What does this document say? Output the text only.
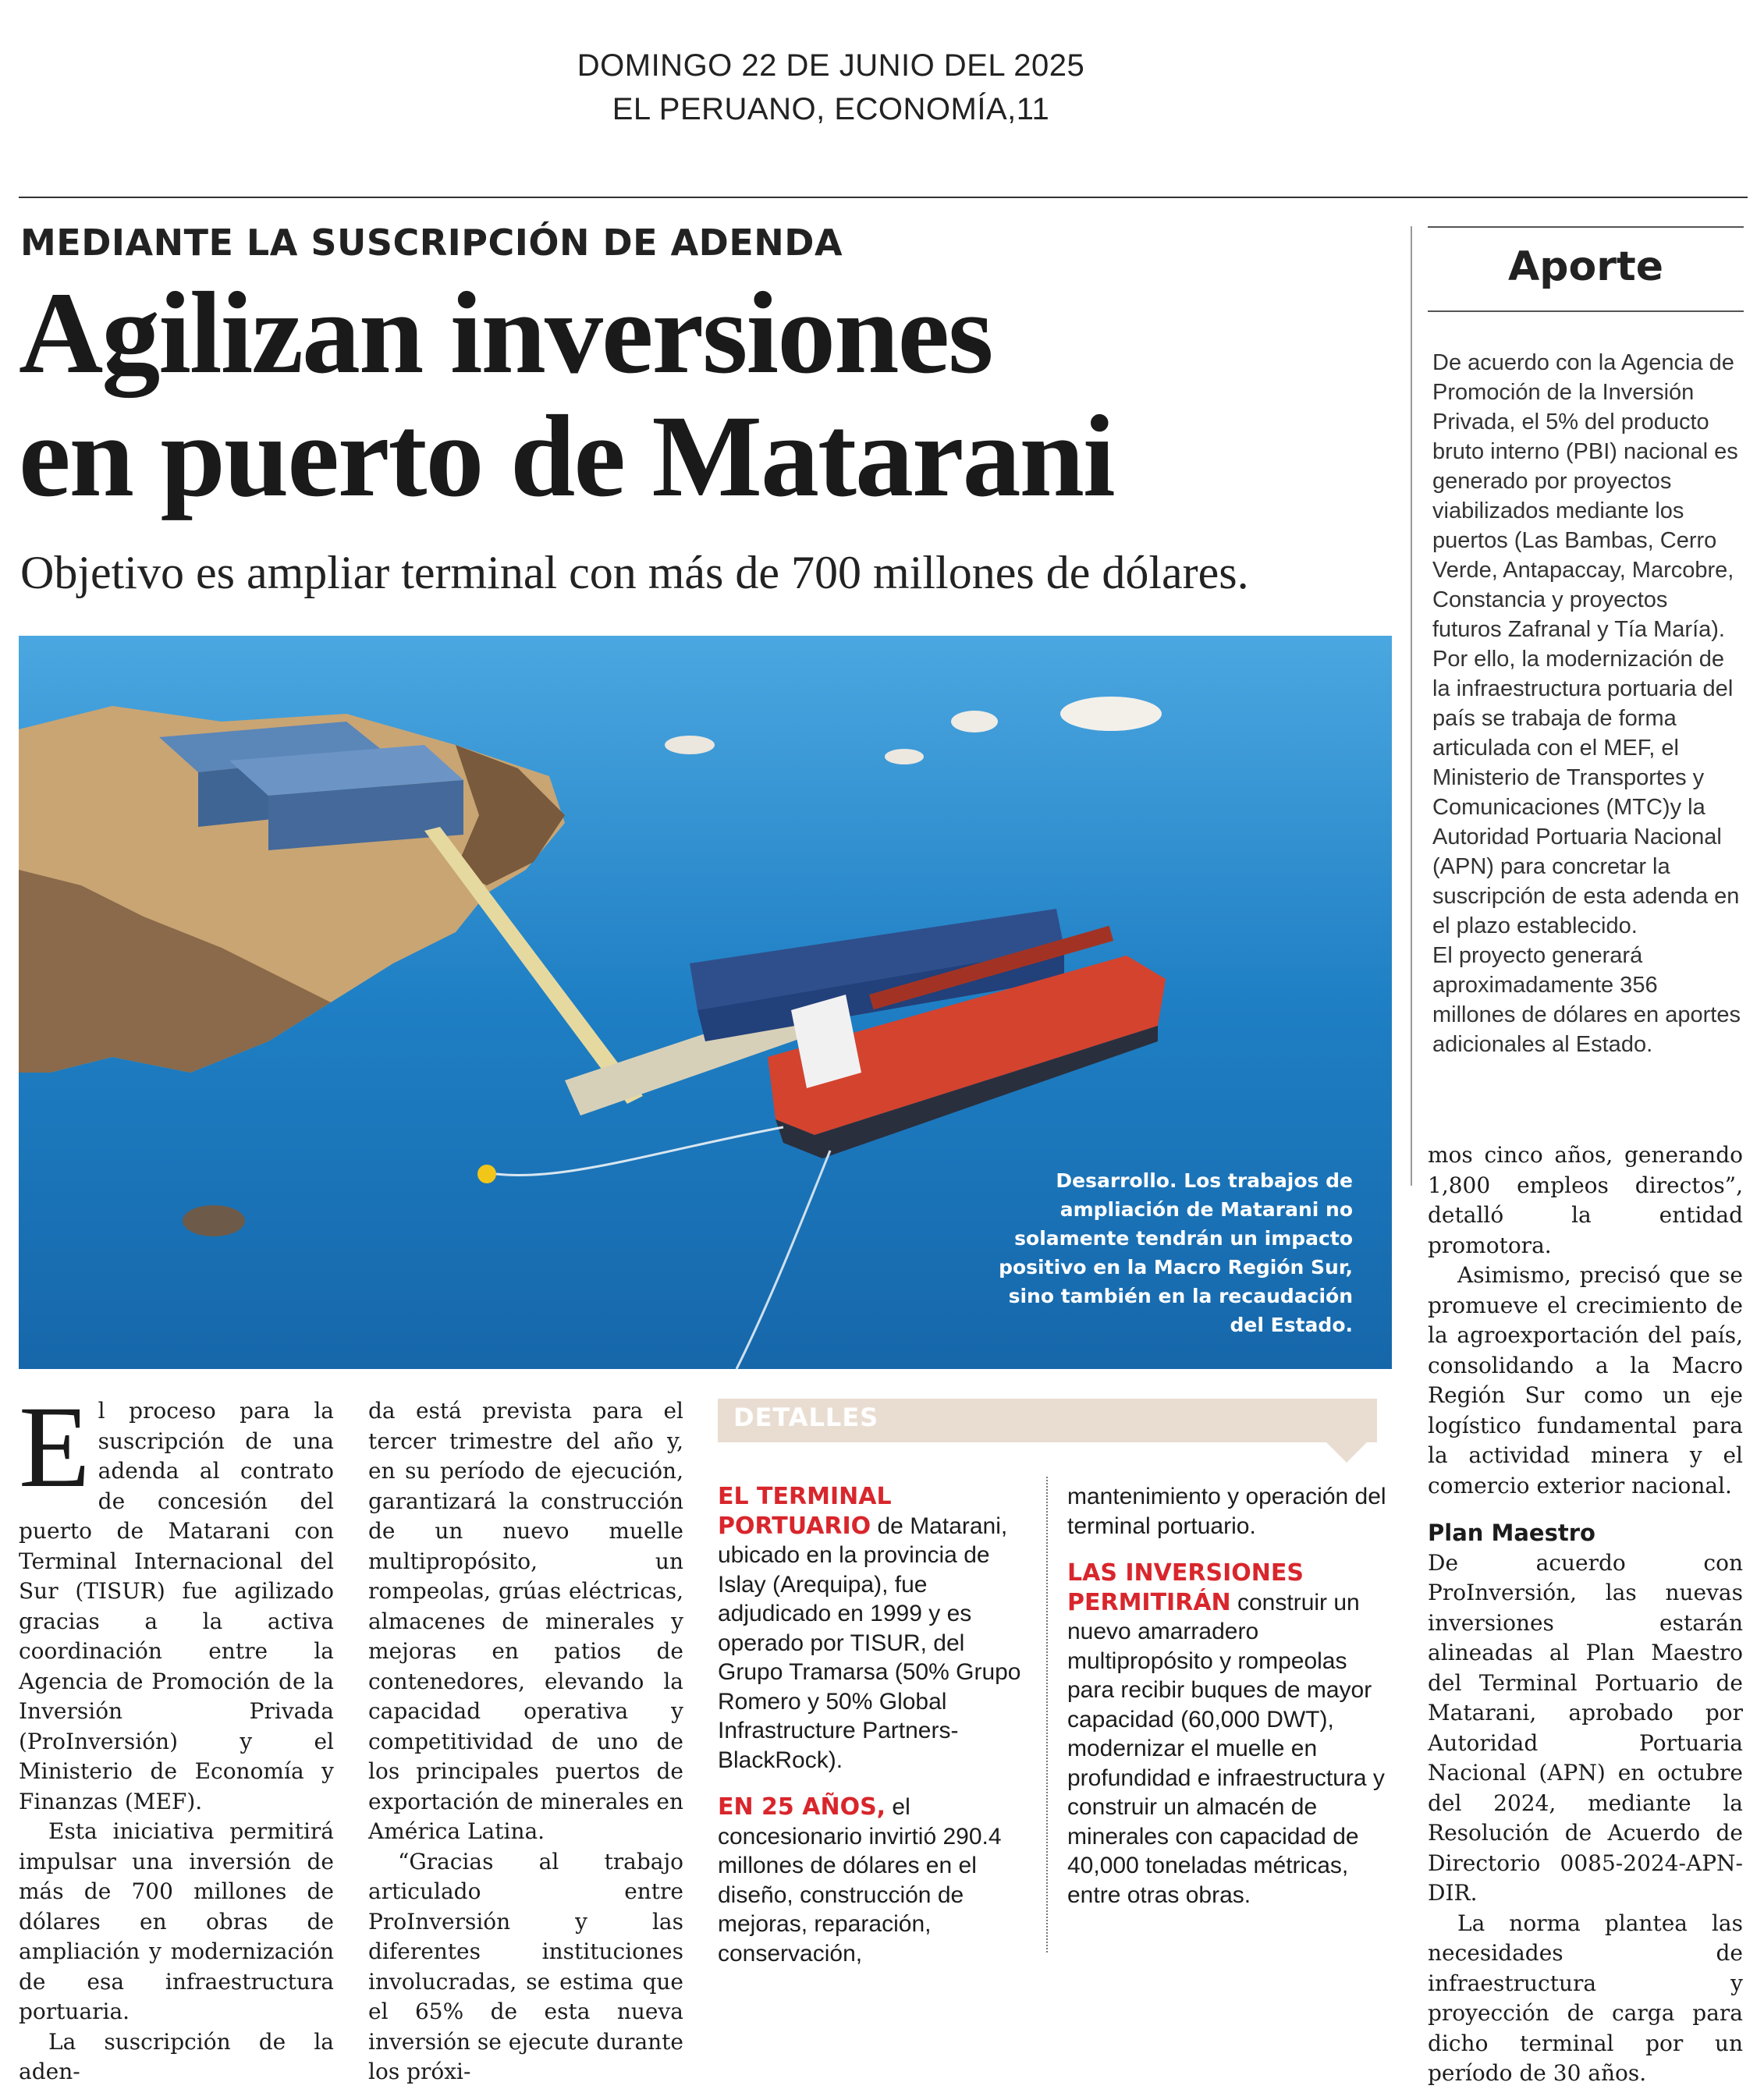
DOMINGO 22 DE JUNIO DEL 2025
EL PERUANO, ECONOMÍA,11
MEDIANTE LA SUSCRIPCIÓN DE ADENDA
Agilizan inversiones
en puerto de Matarani
Objetivo es ampliar terminal con más de 700 millones de dólares.
Desarrollo. Los trabajos de ampliación de Matarani no solamente tendrán un impacto positivo en la Macro Región Sur, sino también en la recaudación del Estado.
Aporte

De acuerdo con la Agencia de Promoción de la Inversión Privada, el 5% del producto bruto interno (PBI) nacional es generado por proyectos viabilizados mediante los puertos (Las Bambas, Cerro Verde, Antapaccay, Marcobre, Constancia y proyectos futuros Zafranal y Tía María).

Por ello, la modernización de la infraestructura portuaria del país se trabaja de forma articulada con el MEF, el Ministerio de Transportes y Comunicaciones (MTC)y la Autoridad Portuaria Nacional (APN) para concretar la suscripción de esta adenda en el plazo establecido.

El proyecto generará aproximadamente 356 millones de dólares en aportes adicionales al Estado.

E l proceso para la suscripción de una adenda al contrato de concesión del puerto de Matarani con Terminal Internacional del Sur (TISUR) fue agilizado gracias a la activa coordinación entre la Agencia de Promoción de la Inversión Privada (ProInversión) y el Ministerio de Economía y Finanzas (MEF).

Esta iniciativa permitirá impulsar una inversión de más de 700 millones de dólares en obras de ampliación y modernización de esa infraestructura portuaria.

La suscripción de la aden-

da está prevista para el tercer trimestre del año y, en su período de ejecución, garantizará la construcción de un nuevo muelle multipropósito, un rompeolas, grúas eléctricas, almacenes de minerales y mejoras en patios de contenedores, elevando la capacidad operativa y competitividad de uno de los principales puertos de exportación de minerales en América Latina.

“Gracias al trabajo articulado entre ProInversión y las diferentes instituciones involucradas, se estima que el 65% de esta nueva inversión se ejecute durante los próxi-

DETALLES

EL TERMINAL PORTUARIO de Matarani, ubicado en la provincia de Islay (Arequipa), fue adjudicado en 1999 y es operado por TISUR, del Grupo Tramarsa (50% Grupo Romero y 50% Global Infrastructure Partners-BlackRock).

EN 25 AÑOS, el concesionario invirtió 290.4 millones de dólares en el diseño, construcción de mejoras, reparación, conservación,

mantenimiento y operación del terminal portuario.

LAS INVERSIONES PERMITIRÁN construir un nuevo amarradero multipropósito y rompeolas para recibir buques de mayor capacidad (60,000 DWT), modernizar el muelle en profundidad e infraestructura y construir un almacén de minerales con capacidad de 40,000 toneladas métricas, entre otras obras.

mos cinco años, generando 1,800 empleos directos”, detalló la entidad promotora.

Asimismo, precisó que se promueve el crecimiento de la agroexportación del país, consolidando a la Macro Región Sur como un eje logístico fundamental para la actividad minera y el comercio exterior nacional.

Plan Maestro

De acuerdo con ProInversión, las nuevas inversiones estarán alineadas al Plan Maestro del Terminal Portuario de Matarani, aprobado por Autoridad Portuaria Nacional (APN) en octubre del 2024, mediante la Resolución de Acuerdo de Directorio 0085-2024-APN-DIR.

La norma plantea las necesidades de infraestructura y proyección de carga para dicho terminal por un período de 30 años.
